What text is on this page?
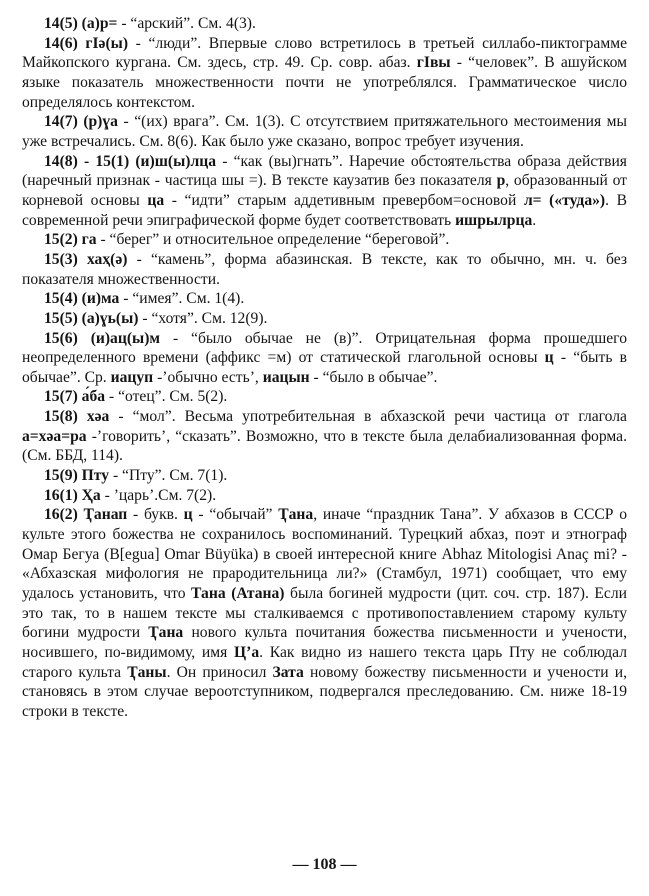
14(5) (а)р= - “арский”. См. 4(3).

14(6) гIә(ы) - “люди”. Впервые слово встретилось в третьей силлабо-пиктограмме Майкопского кургана. См. здесь, стр. 49. Ср. совр. абаз. гIвы - “человек”. В ашуйском языке показатель множественности почти не употреблялся. Грамматическое число определялось контекстом.

14(7) (р)ɣа - “(их) врага”. См. 1(3). С отсутствием притяжательного местоимения мы уже встречались. См. 8(6). Как было уже сказано, вопрос требует изучения.

14(8) - 15(1) (и)ш(ы)лца - “как (вы)гнать”. Наречие обстоятельства образа действия (наречный признак - частица шы =). В тексте каузатив без показателя р, образованный от корневой основы ца - “идти” старым аддетивным превербом=основой л= («туда»). В современной речи эпиграфической форме будет соответствовать ишрылрца.

15(2) га - “берег” и относительное определение “береговой”.

15(3) хаҳ(ә) - “камень”, форма абазинская. В тексте, как то обычно, мн. ч. без показателя множественности.

15(4) (и)ма - “имея”. См. 1(4).

15(5) (а)ɣь(ы) - “хотя”. См. 12(9).

15(6) (и)ац(ы)м - “было обычае не (в)”. Отрицательная форма прошедшего неопределенного времени (аффикс =м) от статической глагольной основы ц - “быть в обычае”. Ср. иацуп -’обычно есть’, иацын - “было в обычае”.

15(7) а́ба - “отец”. См. 5(2).

15(8) хәа - “мол”. Весьма употребительная в абхазской речи частица от глагола а=хәа=ра -’говорить’, “сказать”. Возможно, что в тексте была делабиализованная форма. (См. ББД, 114).

15(9) Пту - “Пту”. См. 7(1).

16(1) Ҳа - ’царь’.См. 7(2).

16(2) Ҭанап - букв. ц - “обычай” Ҭана, иначе “праздник Тана”. У абхазов в СССР о культе этого божества не сохранилось воспоминаний. Турецкий абхаз, поэт и этнограф Омар Бегуа (B[egua] Omar Büyüka) в своей интересной книге Abhaz Mitologisi Anaç mi? - «Абхазская мифология не прародительница ли?» (Стамбул, 1971) сообщает, что ему удалось установить, что Тана (Атана) была богиней мудрости (цит. соч. стр. 187). Если это так, то в нашем тексте мы сталкиваемся с противопоставлением старому культу богини мудрости Ҭана нового культа почитания божества письменности и учености, носившего, по-видимому, имя Ц’а. Как видно из нашего текста царь Пту не соблюдал старого культа Ҭаны. Он приносил Зата новому божеству письменности и учености и, становясь в этом случае вероотступником, подвергался преследованию. См. ниже 18-19 строки в тексте.

— 108 —
